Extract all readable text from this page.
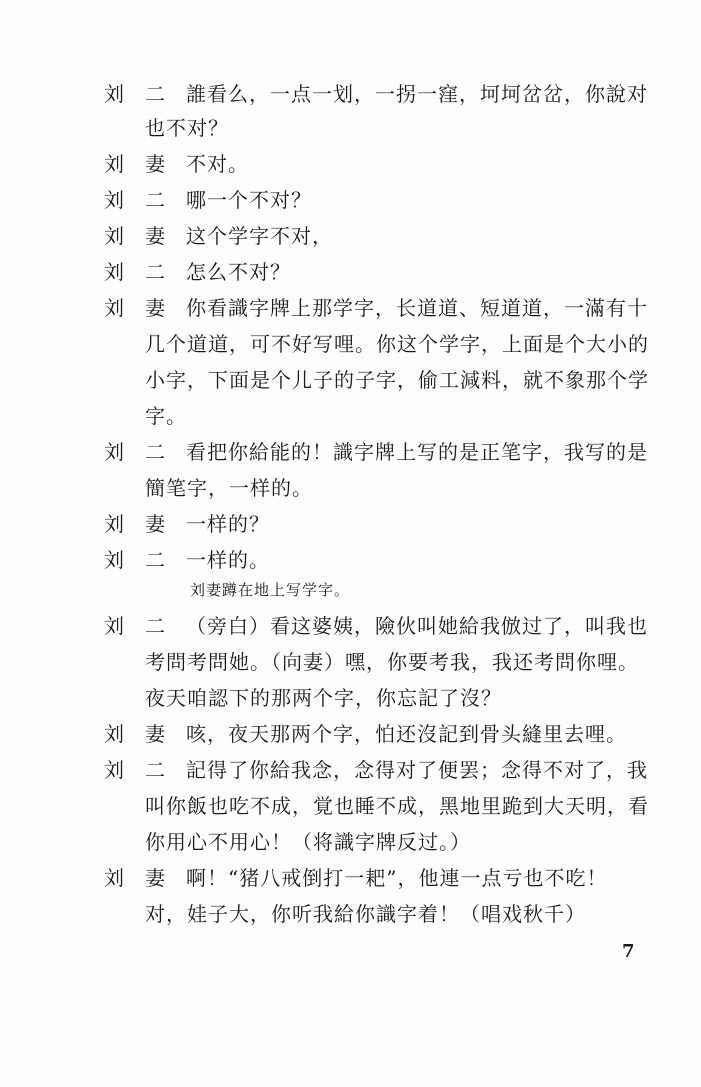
刘 二 誰看么，一点一划，一拐一窪，坷坷岔岔，你說对
也不对？
刘 妻 不对。
刘 二 哪一个不对？
刘 妻 这个学字不对，
刘 二 怎么不对？
刘 妻 你看識字牌上那学字，长道道、短道道，一滿有十
几个道道，可不好写哩。你这个学字，上面是个大小的
小字，下面是个儿子的子字，偷工減料，就不象那个学
字。
刘 二 看把你給能的！識字牌上写的是正笔字，我写的是
簡笔字，一样的。
刘 妻 一样的？
刘 二 一样的。
刘妻蹲在地上写学字。
刘 二 （旁白）看这婆姨，險伙叫她給我倣过了，叫我也
考問考問她。（向妻）嘿，你要考我，我还考問你哩。
夜天咱認下的那两个字，你忘記了沒？
刘 妻 咳，夜天那两个字，怕还沒記到骨头縫里去哩。
刘 二 記得了你給我念，念得对了便罢；念得不对了，我
叫你飯也吃不成，覚也睡不成，黑地里跪到大天明，看
你用心不用心！（将識字牌反过。）
刘 妻 啊！“猪八戒倒打一耙”，他連一点亏也不吃！
对，娃子大，你听我給你識字着！（唱戏秋千）
7
